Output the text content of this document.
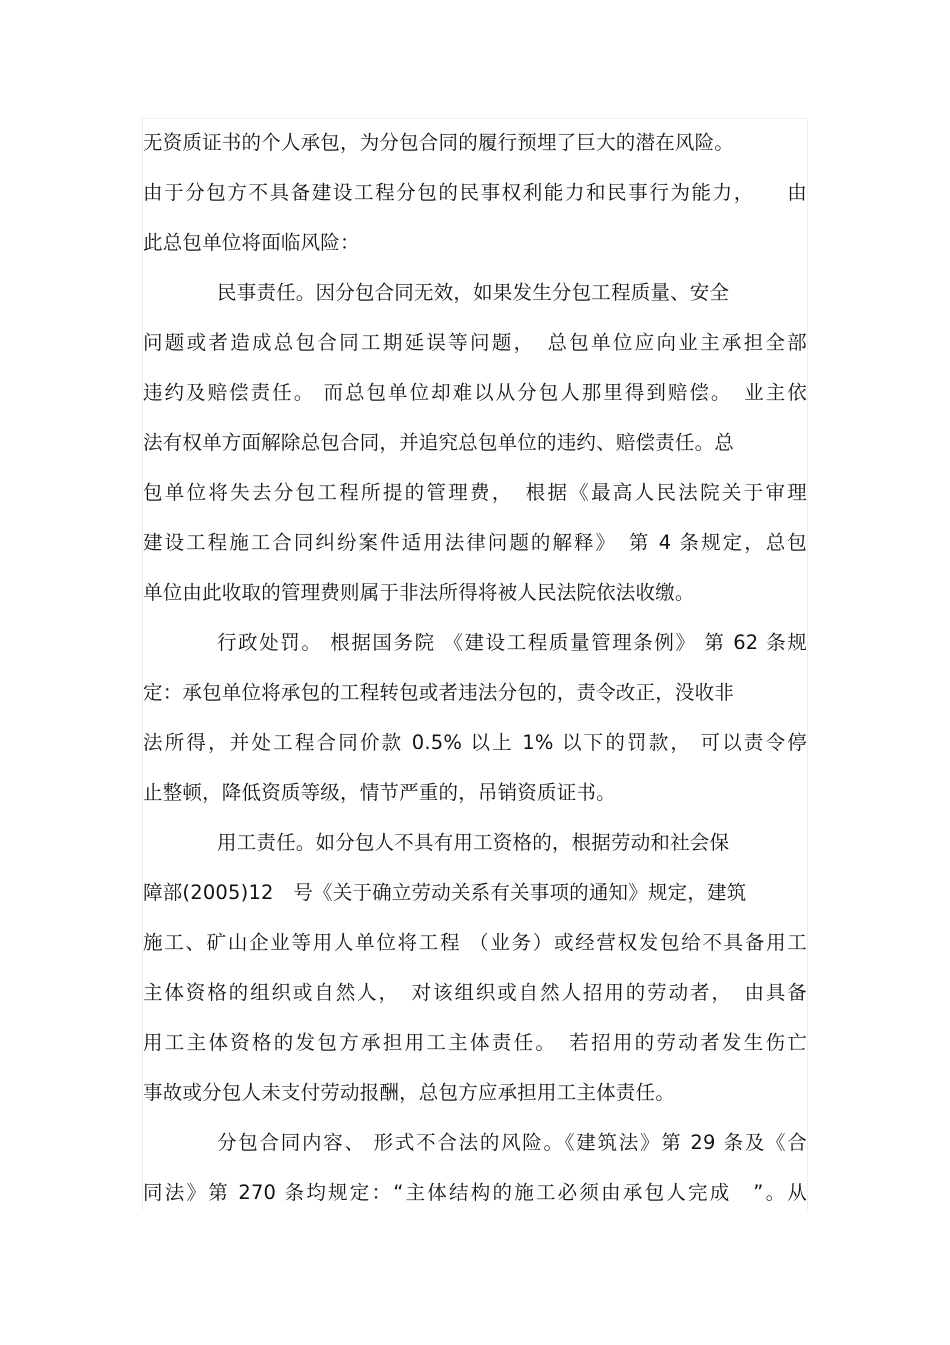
无资质证书的个人承包，为分包合同的履行预埋了巨大的潜在风险。
由于分包方不具备建设工程分包的民事权利能力和民事行为能力，　　由
此总包单位将面临风险：
民事责任。因分包合同无效，如果发生分包工程质量、安全
问题或者造成总包合同工期延误等问题，　总包单位应向业主承担全部
违约及赔偿责任。 而总包单位却难以从分包人那里得到赔偿。　业主依
法有权单方面解除总包合同，并追究总包单位的违约、赔偿责任。总
包单位将失去分包工程所提的管理费，　根据《最高人民法院关于审理
建设工程施工合同纠纷案件适用法律问题的解释》　第 4 条规定，总包
单位由此收取的管理费则属于非法所得将被人民法院依法收缴。
行政处罚。 根据国务院 《建设工程质量管理条例》 第 62 条规
定：承包单位将承包的工程转包或者违法分包的，责令改正，没收非
法所得，并处工程合同价款 0.5% 以上 1% 以下的罚款， 可以责令停
止整顿，降低资质等级，情节严重的，吊销资质证书。
用工责任。如分包人不具有用工资格的，根据劳动和社会保
障部(2005)12　号《关于确立劳动关系有关事项的通知》规定，建筑
施工、矿山企业等用人单位将工程 （业务）或经营权发包给不具备用工
主体资格的组织或自然人，　对该组织或自然人招用的劳动者，　由具备
用工主体资格的发包方承担用工主体责任。　若招用的劳动者发生伤亡
事故或分包人未支付劳动报酬，总包方应承担用工主体责任。
分包合同内容、 形式不合法的风险。《建筑法》第 29 条及《合
同法》第 270 条均规定：“主体结构的施工必须由承包人完成　”。从
